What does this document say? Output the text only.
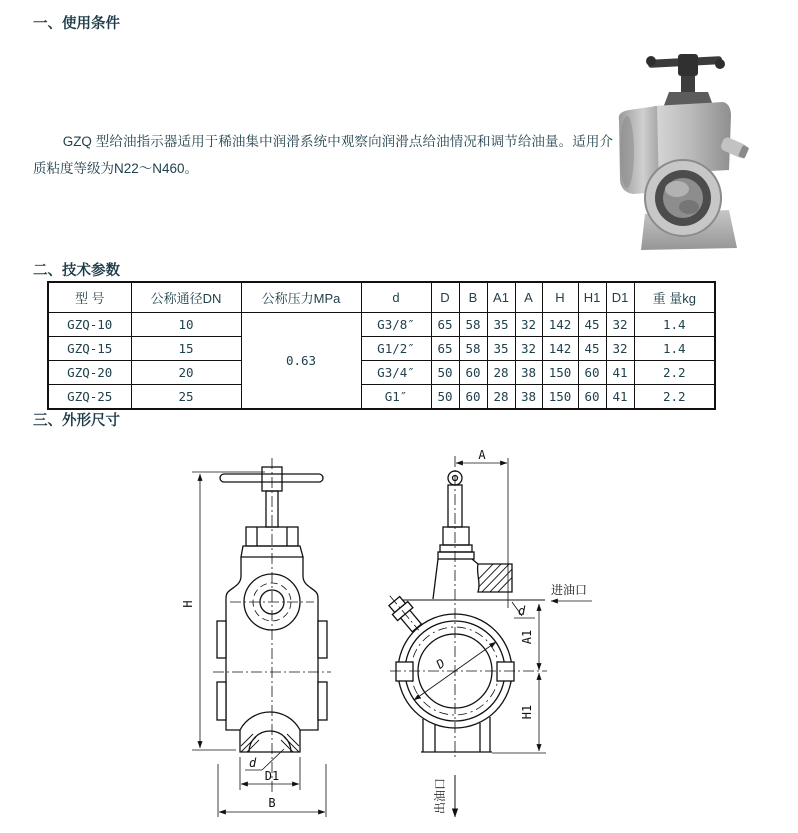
一、使用条件
GZQ 型给油指示器适用于稀油集中润滑系统中观察向润滑点给油情况和调节给油量。适用介质粘度等级为N22～N460。
二、技术参数
型 号	公称通径DN	公称压力MPa	d	D	B	A1	A	H	H1	D1	重 量kg
GZQ-10	10	0.63	G3/8″	65	58	35	32	142	45	32	1.4
GZQ-15	15		G1/2″	65	58	35	32	142	45	32	1.4
GZQ-20	20		G3/4″	50	60	28	38	150	60	41	2.2
GZQ-25	25		G1″	50	60	28	38	150	60	41	2.2
三、外形尺寸
H
d
D1
B
A
进油口
d
A1
D
H1
出油口
